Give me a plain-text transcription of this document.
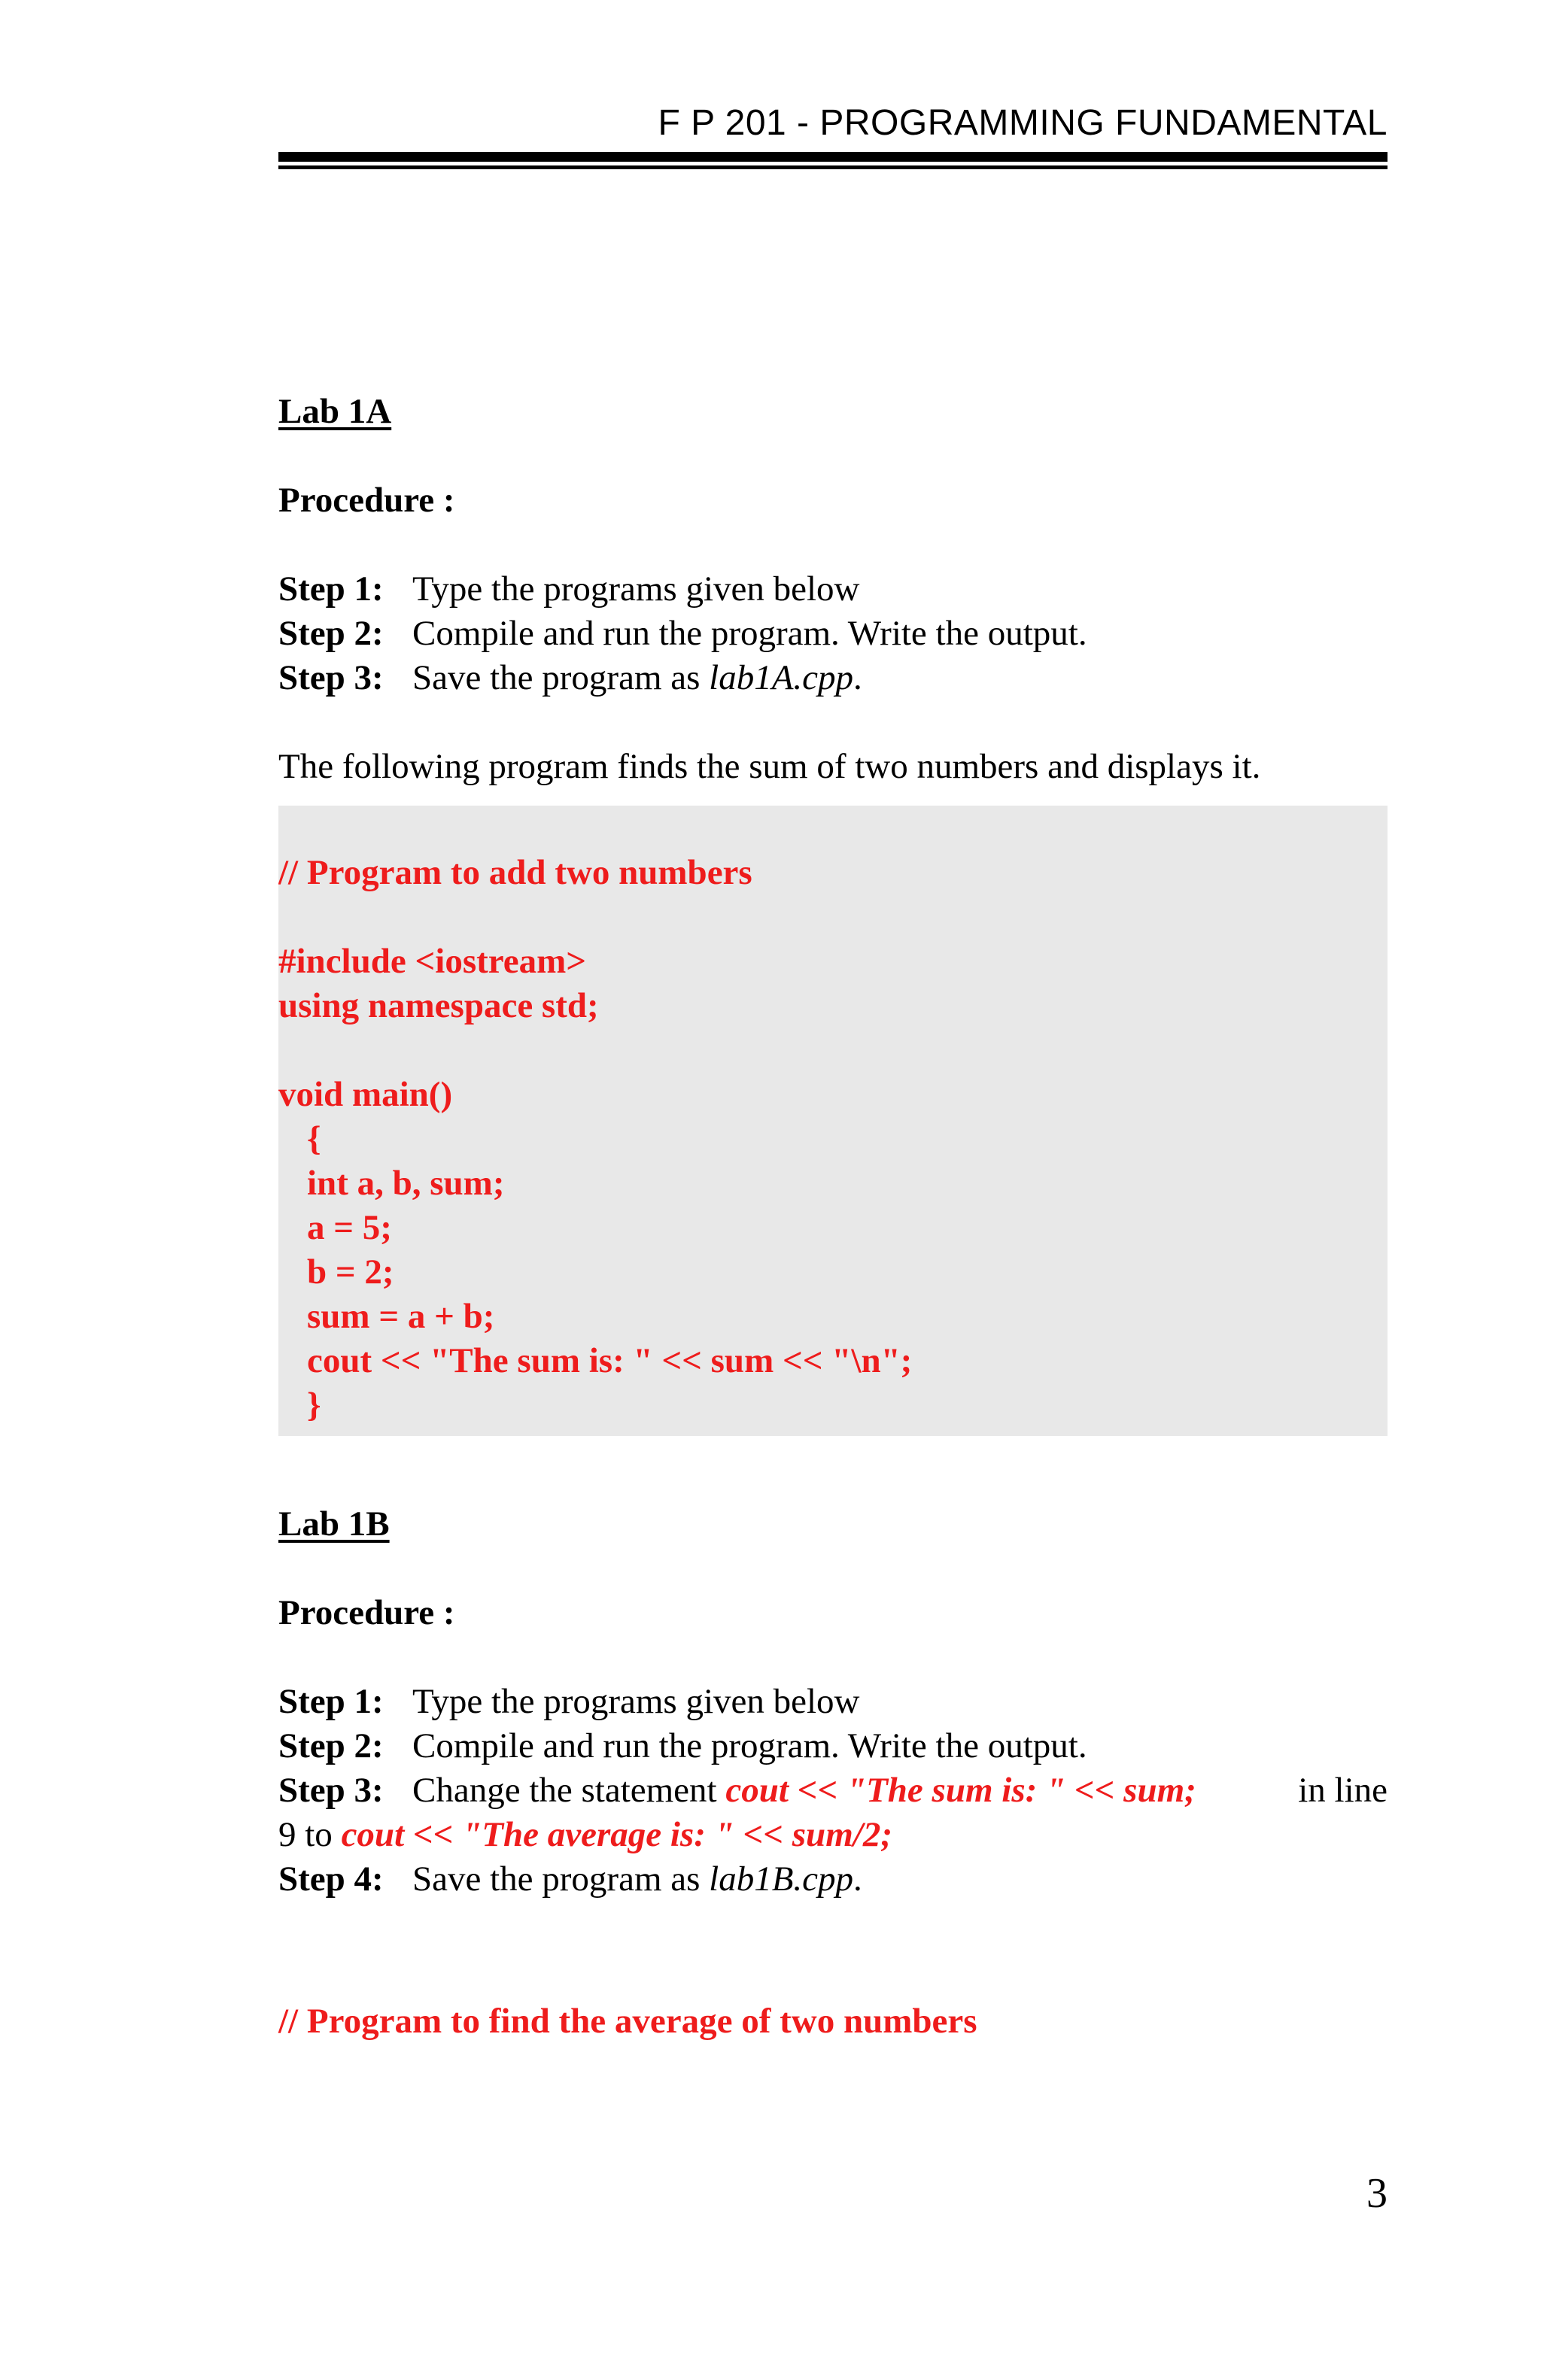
F P 201 - PROGRAMMING FUNDAMENTAL
Lab 1A
Procedure :
Step 1: Type the programs given below
Step 2: Compile and run the program. Write the output.
Step 3: Save the program as lab1A.cpp.
The following program finds the sum of two numbers and displays it.
// Program to add two numbers
#include <iostream>
using namespace std;
void main()
{
int a, b, sum;
a = 5;
b = 2;
sum = a + b;
cout << "The sum is: " << sum << "\n";
}
Lab 1B
Procedure :
Step 1: Type the programs given below
Step 2: Compile and run the program. Write the output.
Step 3: Change the statement cout << "The sum is: " << sum;	in line
9 to cout << "The average is: " << sum/2;
Step 4: Save the program as lab1B.cpp.
// Program to find the average of two numbers
3
